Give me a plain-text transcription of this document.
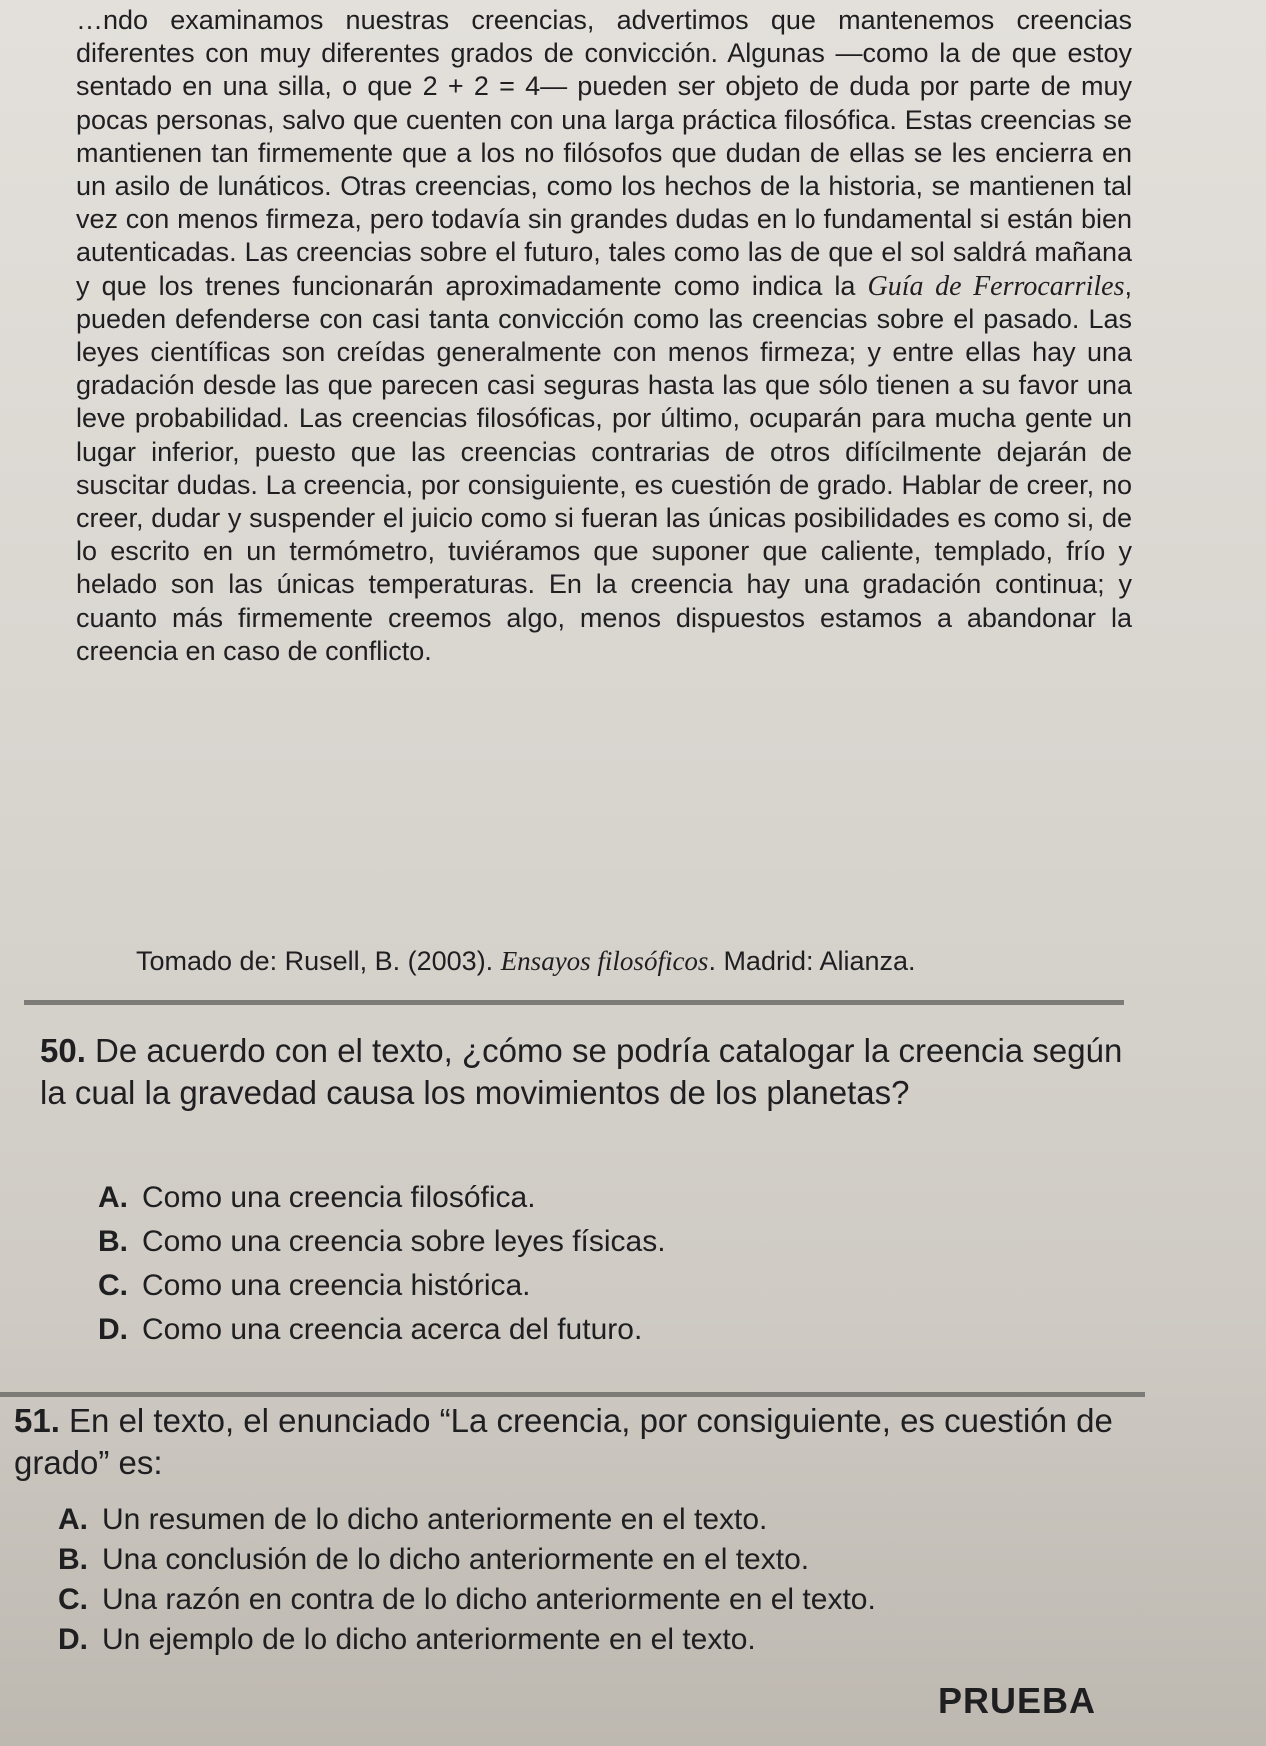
…ndo examinamos nuestras creencias, advertimos que mantenemos creencias diferentes con muy diferentes grados de convicción. Algunas —como la de que estoy sentado en una silla, o que 2 + 2 = 4— pueden ser objeto de duda por parte de muy pocas personas, salvo que cuenten con una larga práctica filosófica. Estas creencias se mantienen tan firmemente que a los no filósofos que dudan de ellas se les encierra en un asilo de lunáticos. Otras creencias, como los hechos de la historia, se mantienen tal vez con menos firmeza, pero todavía sin grandes dudas en lo fundamental si están bien autenticadas. Las creencias sobre el futuro, tales como las de que el sol saldrá mañana y que los trenes funcionarán aproximadamente como indica la Guía de Ferrocarriles, pueden defenderse con casi tanta convicción como las creencias sobre el pasado. Las leyes científicas son creídas generalmente con menos firmeza; y entre ellas hay una gradación desde las que parecen casi seguras hasta las que sólo tienen a su favor una leve probabilidad. Las creencias filosóficas, por último, ocuparán para mucha gente un lugar inferior, puesto que las creencias contrarias de otros difícilmente dejarán de suscitar dudas. La creencia, por consiguiente, es cuestión de grado. Hablar de creer, no creer, dudar y suspender el juicio como si fueran las únicas posibilidades es como si, de lo escrito en un termómetro, tuviéramos que suponer que caliente, templado, frío y helado son las únicas temperaturas. En la creencia hay una gradación continua; y cuanto más firmemente creemos algo, menos dispuestos estamos a abandonar la creencia en caso de conflicto.

Tomado de: Rusell, B. (2003). Ensayos filosóficos. Madrid: Alianza.
50. De acuerdo con el texto, ¿cómo se podría catalogar la creencia según la cual la gravedad causa los movimientos de los planetas?
A. Como una creencia filosófica.
B. Como una creencia sobre leyes físicas.
C. Como una creencia histórica.
D. Como una creencia acerca del futuro.
51. En el texto, el enunciado “La creencia, por consiguiente, es cuestión de grado” es:
A. Un resumen de lo dicho anteriormente en el texto.
B. Una conclusión de lo dicho anteriormente en el texto.
C. Una razón en contra de lo dicho anteriormente en el texto.
D. Un ejemplo de lo dicho anteriormente en el texto.
PRUEBA
